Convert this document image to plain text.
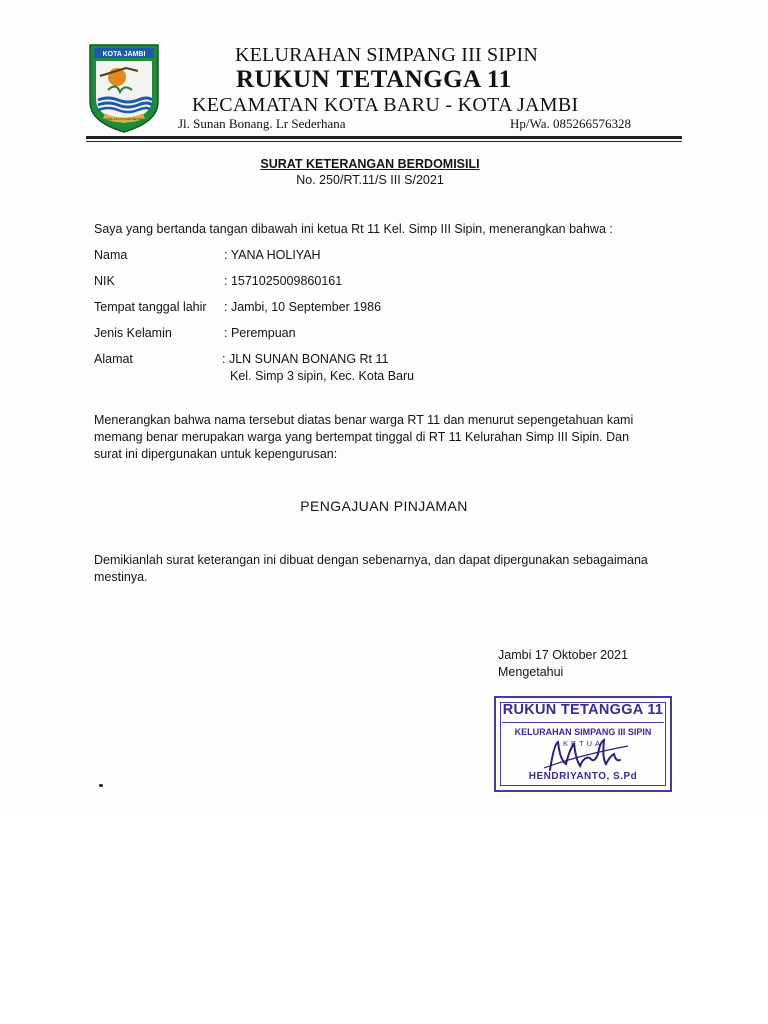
KOTA JAMBI
TANAH PILIH PUSAKO BETUAH
KELURAHAN SIMPANG III SIPIN
RUKUN TETANGGA 11
KECAMATAN KOTA BARU - KOTA JAMBI
Jl. Sunan Bonang. Lr Sederhana	Hp/Wa. 085266576328
SURAT KETERANGAN BERDOMISILI
No. 250/RT.11/S III S/2021
Saya yang bertanda tangan dibawah ini ketua Rt 11 Kel. Simp III Sipin, menerangkan bahwa :
Nama	: YANA HOLIYAH
NIK	: 1571025009860161
Tempat tanggal lahir : Jambi, 10 September 1986
Jenis Kelamin	: Perempuan
Alamat	: JLN SUNAN BONANG Rt 11
Kel. Simp 3 sipin, Kec. Kota Baru
Menerangkan bahwa nama tersebut diatas benar warga RT 11 dan menurut sepengetahuan kami
memang benar merupakan warga yang bertempat tinggal di RT 11 Kelurahan Simp III Sipin. Dan
surat ini dipergunakan untuk kepengurusan:
PENGAJUAN PINJAMAN
Demikianlah surat keterangan ini dibuat dengan sebenarnya, dan dapat dipergunakan sebagaimana
mestinya.
Jambi 17 Oktober 2021
Mengetahui
RUKUN TETANGGA 11
KELURAHAN SIMPANG III SIPIN
KETUA
HENDRIYANTO, S.Pd
